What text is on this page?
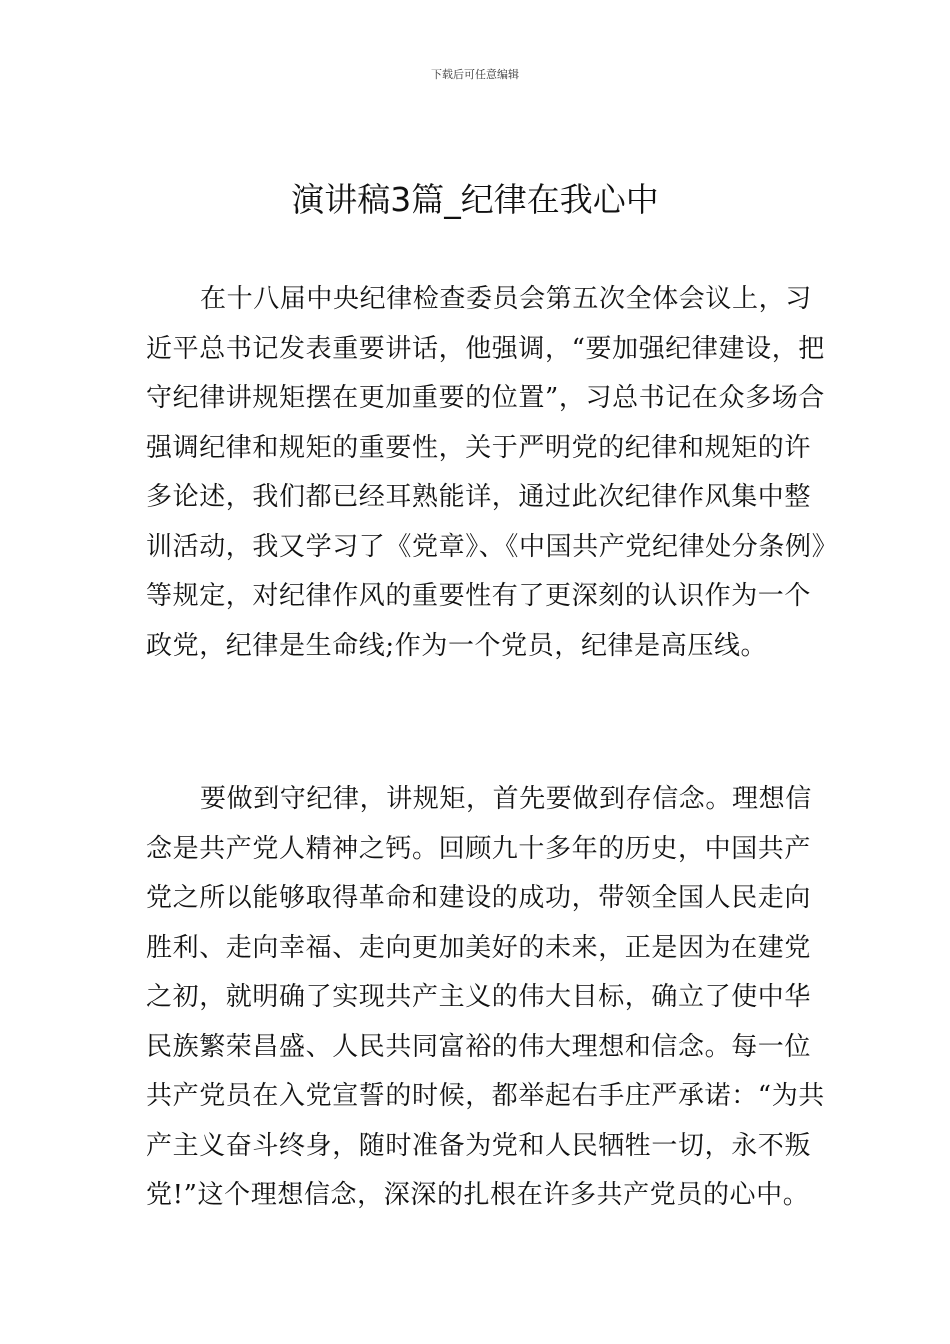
下载后可任意编辑
演讲稿3篇_纪律在我心中

在十八届中央纪律检查委员会第五次全体会议上，习近平总书记发表重要讲话，他强调，“要加强纪律建设，把守纪律讲规矩摆在更加重要的位置”，习总书记在众多场合强调纪律和规矩的重要性，关于严明党的纪律和规矩的许多论述，我们都已经耳熟能详，通过此次纪律作风集中整训活动，我又学习了《党章》、《中国共产党纪律处分条例》等规定，对纪律作风的重要性有了更深刻的认识作为一个政党，纪律是生命线;作为一个党员，纪律是高压线。

要做到守纪律，讲规矩，首先要做到存信念。理想信念是共产党人精神之钙。回顾九十多年的历史，中国共产党之所以能够取得革命和建设的成功，带领全国人民走向胜利、走向幸福、走向更加美好的未来，正是因为在建党之初，就明确了实现共产主义的伟大目标，确立了使中华民族繁荣昌盛、人民共同富裕的伟大理想和信念。每一位共产党员在入党宣誓的时候，都举起右手庄严承诺：“为共产主义奋斗终身，随时准备为党和人民牺牲一切，永不叛党!”这个理想信念，深深的扎根在许多共产党员的心中。
